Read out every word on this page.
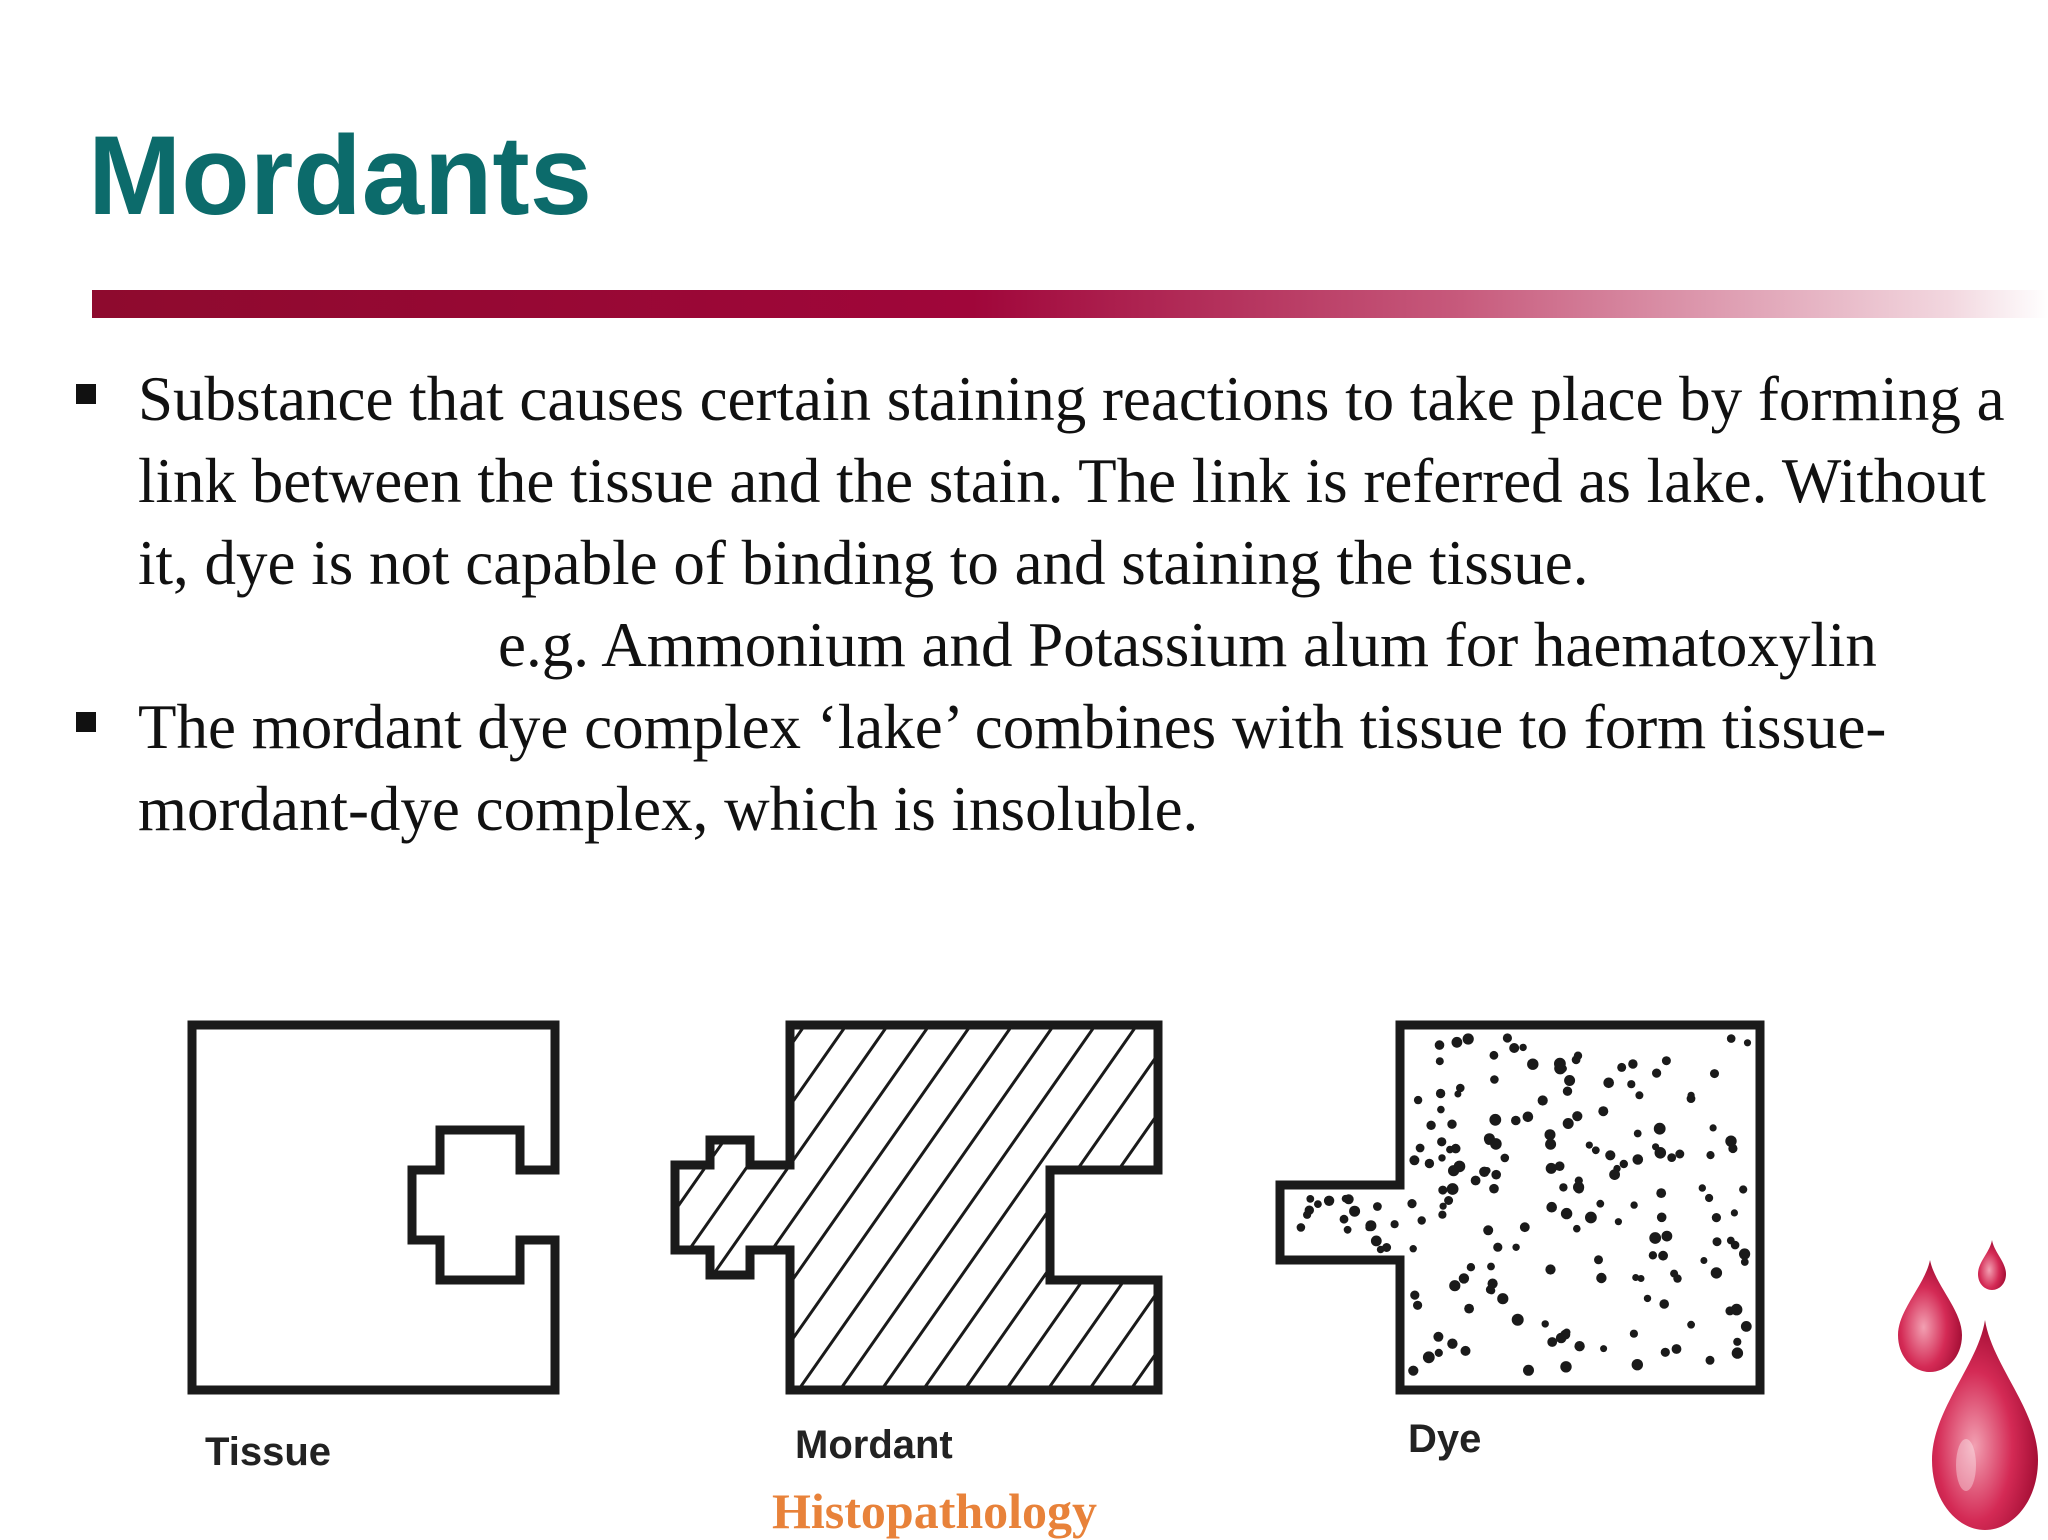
Mordants
Substance that causes certain staining reactions to take place by forming a link between the tissue and the stain. The link is referred as lake. Without it, dye is not capable of binding to and staining the tissue.
e.g. Ammonium and Potassium alum for haematoxylin
The mordant dye complex ‘lake’ combines with tissue to form tissue-mordant-dye complex, which is insoluble.
Tissue	Mordant	Dye
Histopathology
